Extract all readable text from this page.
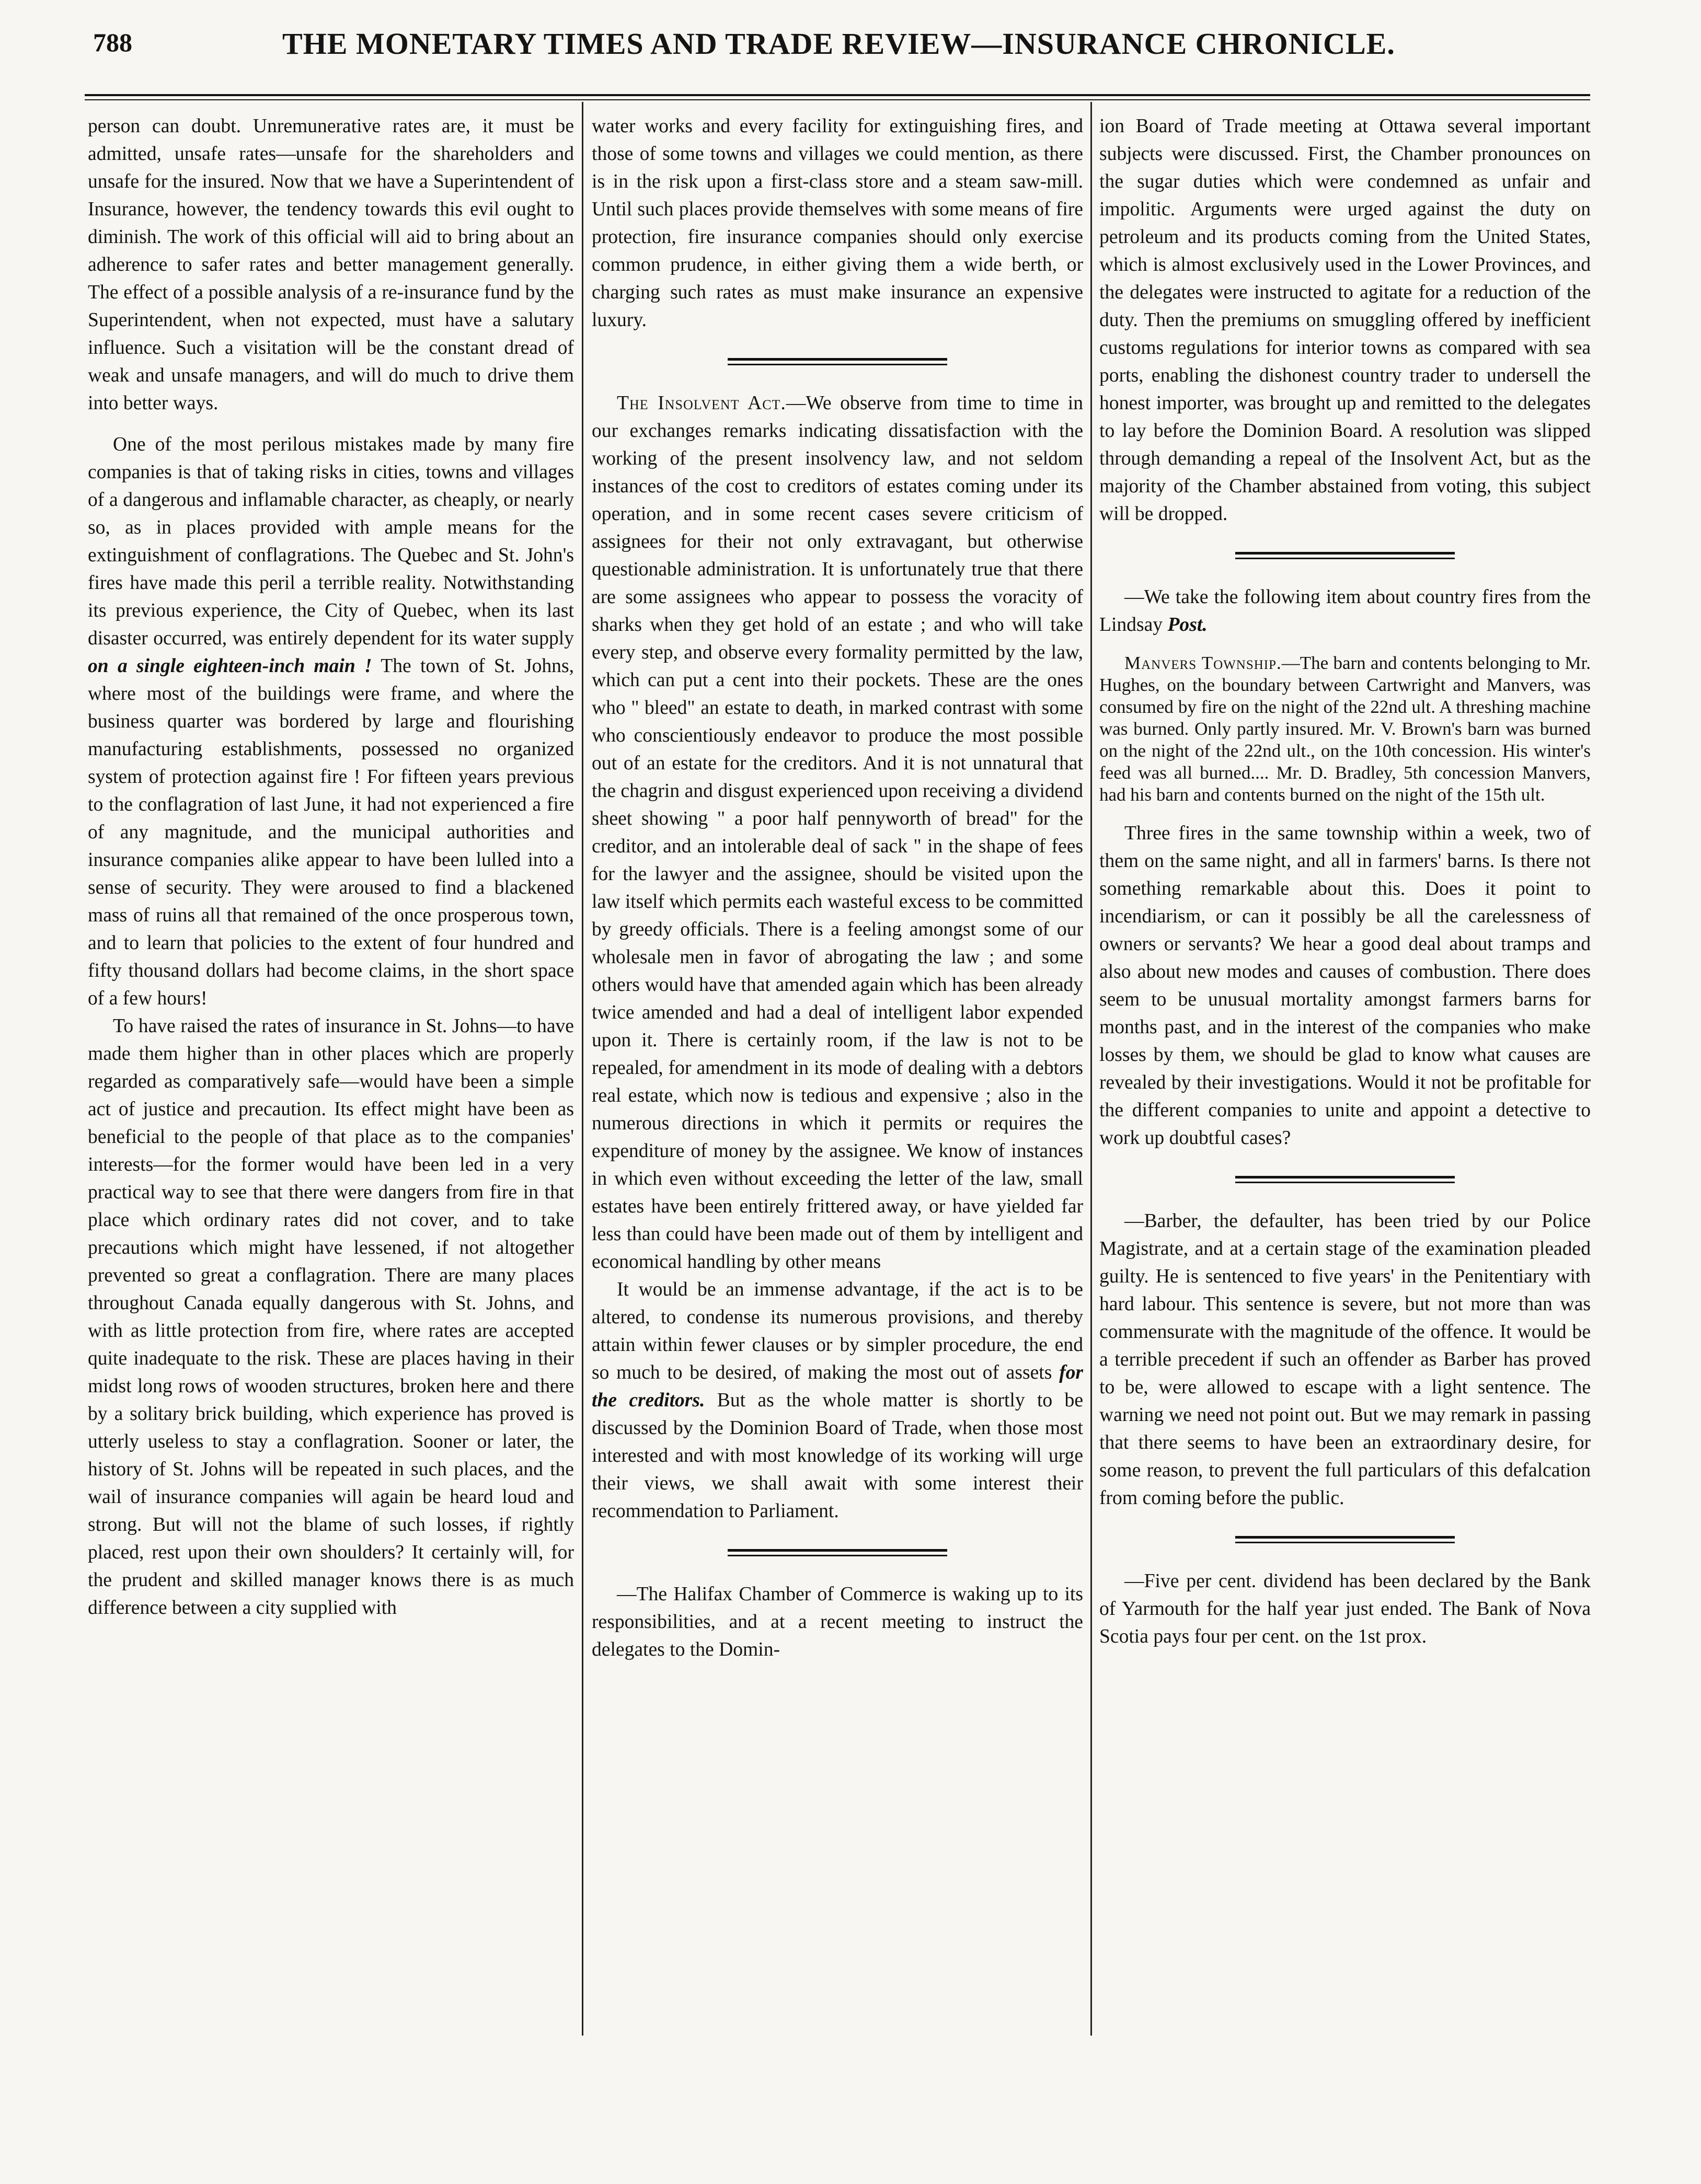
788	THE MONETARY TIMES AND TRADE REVIEW—INSURANCE CHRONICLE.

person can doubt. Unremunerative rates are, it must be admitted, unsafe rates—unsafe for the shareholders and unsafe for the insured. Now that we have a Superintendent of Insurance, however, the tendency towards this evil ought to diminish. The work of this official will aid to bring about an adherence to safer rates and better management generally. The effect of a possible analysis of a re-insurance fund by the Superintendent, when not expected, must have a salutary influence. Such a visitation will be the constant dread of weak and unsafe managers, and will do much to drive them into better ways.

One of the most perilous mistakes made by many fire companies is that of taking risks in cities, towns and villages of a dangerous and inflamable character, as cheaply, or nearly so, as in places provided with ample means for the extinguishment of conflagrations. The Quebec and St. John's fires have made this peril a terrible reality. Notwithstanding its previous experience, the City of Quebec, when its last disaster occurred, was entirely dependent for its water supply on a single eighteen-inch main ! The town of St. Johns, where most of the buildings were frame, and where the business quarter was bordered by large and flourishing manufacturing establishments, possessed no organized system of protection against fire ! For fifteen years previous to the conflagration of last June, it had not experienced a fire of any magnitude, and the municipal authorities and insurance companies alike appear to have been lulled into a sense of security. They were aroused to find a blackened mass of ruins all that remained of the once prosperous town, and to learn that policies to the extent of four hundred and fifty thousand dollars had become claims, in the short space of a few hours!

To have raised the rates of insurance in St. Johns—to have made them higher than in other places which are properly regarded as comparatively safe—would have been a simple act of justice and precaution. Its effect might have been as beneficial to the people of that place as to the companies' interests—for the former would have been led in a very practical way to see that there were dangers from fire in that place which ordinary rates did not cover, and to take precautions which might have lessened, if not altogether prevented so great a conflagration. There are many places throughout Canada equally dangerous with St. Johns, and with as little protection from fire, where rates are accepted quite inadequate to the risk. These are places having in their midst long rows of wooden structures, broken here and there by a solitary brick building, which experience has proved is utterly useless to stay a conflagration. Sooner or later, the history of St. Johns will be repeated in such places, and the wail of insurance companies will again be heard loud and strong. But will not the blame of such losses, if rightly placed, rest upon their own shoulders? It certainly will, for the prudent and skilled manager knows there is as much difference between a city supplied with

water works and every facility for extinguishing fires, and those of some towns and villages we could mention, as there is in the risk upon a first-class store and a steam saw-mill. Until such places provide themselves with some means of fire protection, fire insurance companies should only exercise common prudence, in either giving them a wide berth, or charging such rates as must make insurance an expensive luxury.

The Insolvent Act.—We observe from time to time in our exchanges remarks indicating dissatisfaction with the working of the present insolvency law, and not seldom instances of the cost to creditors of estates coming under its operation, and in some recent cases severe criticism of assignees for their not only extravagant, but otherwise questionable administration. It is unfortunately true that there are some assignees who appear to possess the voracity of sharks when they get hold of an estate ; and who will take every step, and observe every formality permitted by the law, which can put a cent into their pockets. These are the ones who " bleed" an estate to death, in marked contrast with some who conscientiously endeavor to produce the most possible out of an estate for the creditors. And it is not unnatural that the chagrin and disgust experienced upon receiving a dividend sheet showing " a poor half pennyworth of bread" for the creditor, and an intolerable deal of sack " in the shape of fees for the lawyer and the assignee, should be visited upon the law itself which permits each wasteful excess to be committed by greedy officials. There is a feeling amongst some of our wholesale men in favor of abrogating the law ; and some others would have that amended again which has been already twice amended and had a deal of intelligent labor expended upon it. There is certainly room, if the law is not to be repealed, for amendment in its mode of dealing with a debtors real estate, which now is tedious and expensive ; also in the numerous directions in which it permits or requires the expenditure of money by the assignee. We know of instances in which even without exceeding the letter of the law, small estates have been entirely frittered away, or have yielded far less than could have been made out of them by intelligent and economical handling by other means

It would be an immense advantage, if the act is to be altered, to condense its numerous provisions, and thereby attain within fewer clauses or by simpler procedure, the end so much to be desired, of making the most out of assets for the creditors. But as the whole matter is shortly to be discussed by the Dominion Board of Trade, when those most interested and with most knowledge of its working will urge their views, we shall await with some interest their recommendation to Parliament.

—The Halifax Chamber of Commerce is waking up to its responsibilities, and at a recent meeting to instruct the delegates to the Domin-

ion Board of Trade meeting at Ottawa several important subjects were discussed. First, the Chamber pronounces on the sugar duties which were condemned as unfair and impolitic. Arguments were urged against the duty on petroleum and its products coming from the United States, which is almost exclusively used in the Lower Provinces, and the delegates were instructed to agitate for a reduction of the duty. Then the premiums on smuggling offered by inefficient customs regulations for interior towns as compared with sea ports, enabling the dishonest country trader to undersell the honest importer, was brought up and remitted to the delegates to lay before the Dominion Board. A resolution was slipped through demanding a repeal of the Insolvent Act, but as the majority of the Chamber abstained from voting, this subject will be dropped.

—We take the following item about country fires from the Lindsay Post.

Manvers Township.—The barn and contents belonging to Mr. Hughes, on the boundary between Cartwright and Manvers, was consumed by fire on the night of the 22nd ult. A threshing machine was burned. Only partly insured. Mr. V. Brown's barn was burned on the night of the 22nd ult., on the 10th concession. His winter's feed was all burned.... Mr. D. Bradley, 5th concession Manvers, had his barn and contents burned on the night of the 15th ult.

Three fires in the same township within a week, two of them on the same night, and all in farmers' barns. Is there not something remarkable about this. Does it point to incendiarism, or can it possibly be all the carelessness of owners or servants? We hear a good deal about tramps and also about new modes and causes of combustion. There does seem to be unusual mortality amongst farmers barns for months past, and in the interest of the companies who make losses by them, we should be glad to know what causes are revealed by their investigations. Would it not be profitable for the different companies to unite and appoint a detective to work up doubtful cases?

—Barber, the defaulter, has been tried by our Police Magistrate, and at a certain stage of the examination pleaded guilty. He is sentenced to five years' in the Penitentiary with hard labour. This sentence is severe, but not more than was commensurate with the magnitude of the offence. It would be a terrible precedent if such an offender as Barber has proved to be, were allowed to escape with a light sentence. The warning we need not point out. But we may remark in passing that there seems to have been an extraordinary desire, for some reason, to prevent the full particulars of this defalcation from coming before the public.

—Five per cent. dividend has been declared by the Bank of Yarmouth for the half year just ended. The Bank of Nova Scotia pays four per cent. on the 1st prox.
